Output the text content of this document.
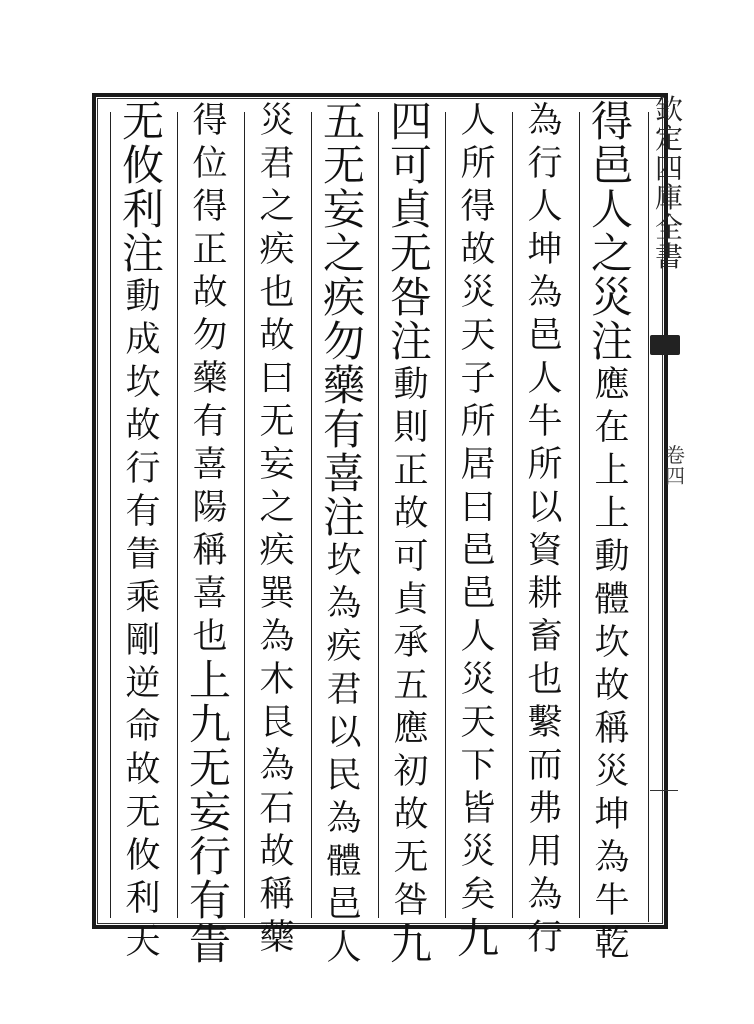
欽
定
四
庫
全
書
卷
四
得
邑
人
之
災
注
應
在
上
上
動
體
坎
故
稱
災
坤
為
牛
乾
為
行
人
坤
為
邑
人
牛
所
以
資
耕
畜
也
繫
而
弗
用
為
行
人
所
得
故
災
天
子
所
居
曰
邑
邑
人
災
天
下
皆
災
矣
九
四
可
貞
无
咎
注
動
則
正
故
可
貞
承
五
應
初
故
无
咎
九
五
无
妄
之
疾
勿
藥
有
喜
注
坎
為
疾
君
以
民
為
體
邑
人
災
君
之
疾
也
故
曰
无
妄
之
疾
巽
為
木
艮
為
石
故
稱
藥
得
位
得
正
故
勿
藥
有
喜
陽
稱
喜
也
上
九
无
妄
行
有
眚
无
攸
利
注
動
成
坎
故
行
有
眚
乘
剛
逆
命
故
无
攸
利
天
